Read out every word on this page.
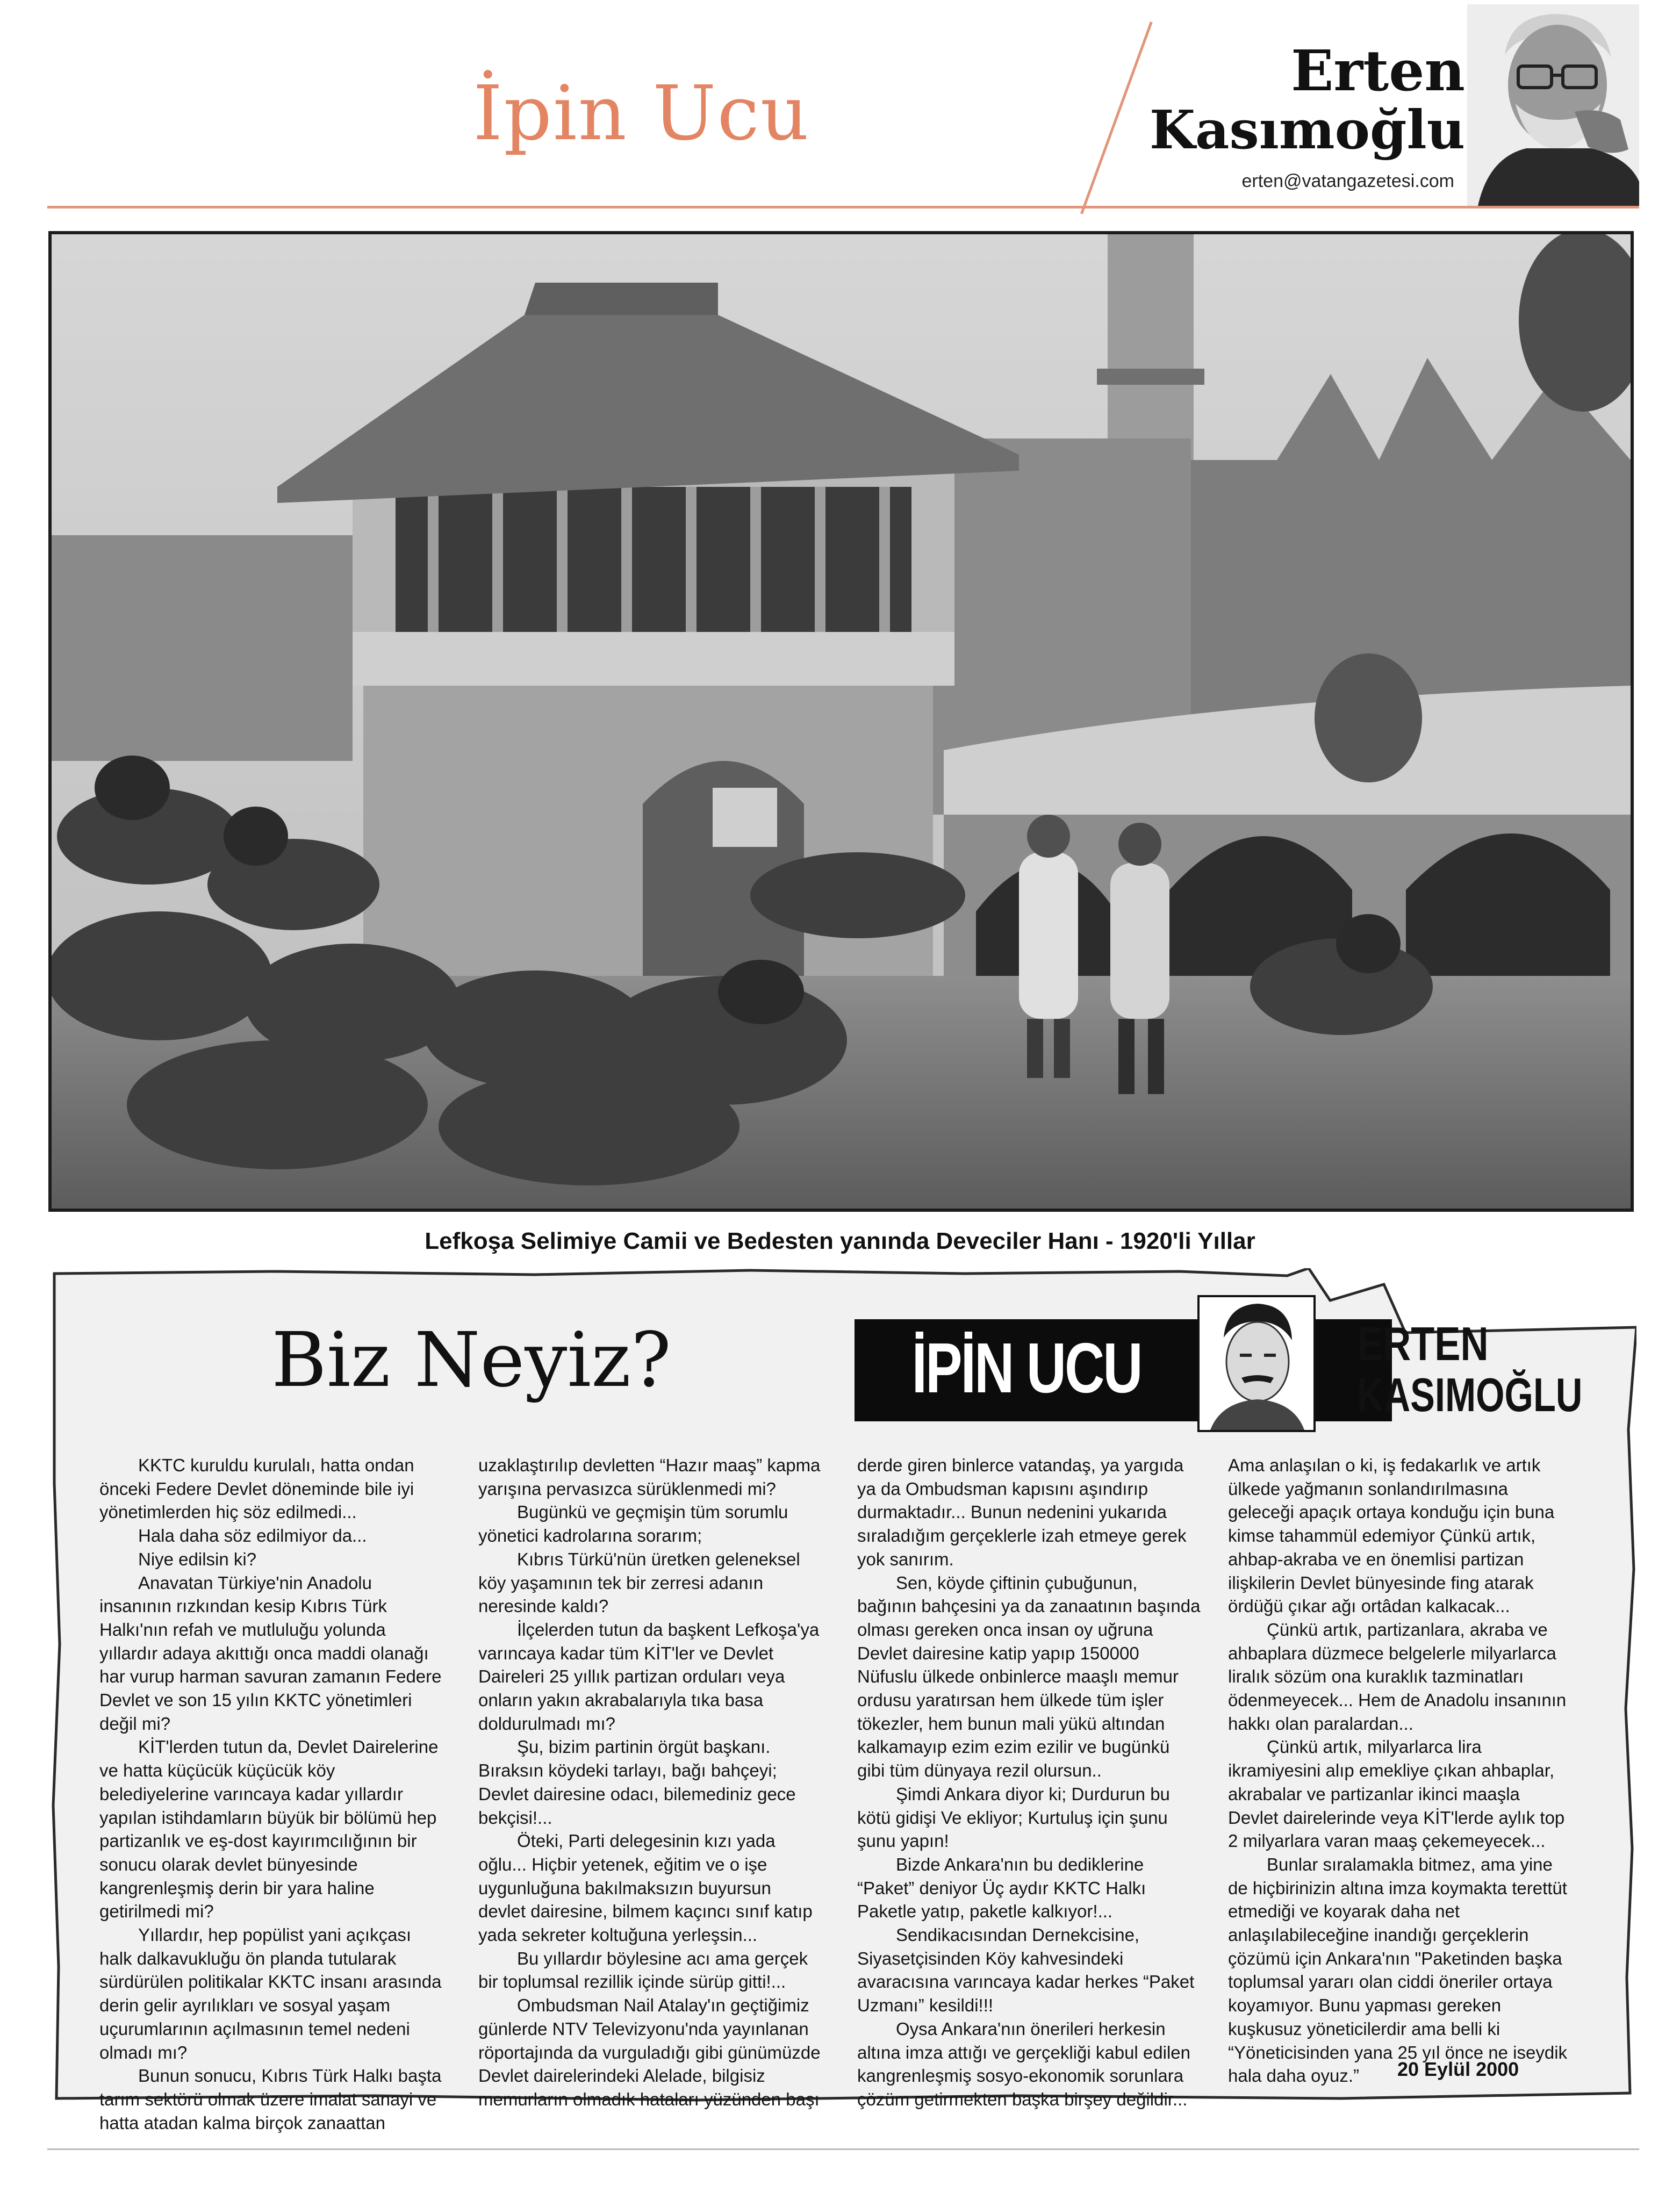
İpin Ucu	Erten
Kasımoğlu
erten@vatangazetesi.com
Lefkoşa Selimiye Camii ve Bedesten yanında Deveciler Hanı - 1920'li Yıllar
Biz Neyiz?	İPİN UCU	ERTEN
KASIMOĞLU

KKTC kuruldu kurulalı, hatta ondan önceki Federe Devlet döneminde bile iyi yönetimlerden hiç söz edilmedi...

Hala daha söz edilmiyor da...

Niye edilsin ki?

Anavatan Türkiye'nin Anadolu insanının rızkından kesip Kıbrıs Türk Halkı'nın refah ve mutluluğu yolunda yıllardır adaya akıttığı onca maddi olanağı har vurup harman savuran zamanın Federe Devlet ve son 15 yılın KKTC yönetimleri değil mi?

KİT'lerden tutun da, Devlet Dairelerine ve hatta küçücük küçücük köy belediyelerine varıncaya kadar yıllardır yapılan istihdamların büyük bir bölümü hep partizanlık ve eş-dost kayırımcılığının bir sonucu olarak devlet bünyesinde kangrenleşmiş derin bir yara haline getirilmedi mi?

Yıllardır, hep popülist yani açıkçası halk dalkavukluğu ön planda tutularak sürdürülen politikalar KKTC insanı arasında derin gelir ayrılıkları ve sosyal yaşam uçurumlarının açılmasının temel nedeni olmadı mı?

Bunun sonucu, Kıbrıs Türk Halkı başta tarım sektörü olmak üzere imalat sanayi ve hatta atadan kalma birçok zanaattan

uzaklaştırılıp devletten “Hazır maaş” kapma yarışına pervasızca sürüklenmedi mi?

Bugünkü ve geçmişin tüm sorumlu yönetici kadrolarına sorarım;

Kıbrıs Türkü'nün üretken geleneksel köy yaşamının tek bir zerresi adanın neresinde kaldı?

İlçelerden tutun da başkent Lefkoşa'ya varıncaya kadar tüm KİT'ler ve Devlet Daireleri 25 yıllık partizan orduları veya onların yakın akrabalarıyla tıka basa doldurulmadı mı?

Şu, bizim partinin örgüt başkanı. Bıraksın köydeki tarlayı, bağı bahçeyi; Devlet dairesine odacı, bilemediniz gece bekçisi!...

Öteki, Parti delegesinin kızı yada oğlu... Hiçbir yetenek, eğitim ve o işe uygunluğuna bakılmaksızın buyursun devlet dairesine, bilmem kaçıncı sınıf katıp yada sekreter koltuğuna yerleşsin...

Bu yıllardır böylesine acı ama gerçek bir toplumsal rezillik içinde sürüp gitti!...

Ombudsman Nail Atalay'ın geçtiğimiz günlerde NTV Televizyonu'nda yayınlanan röportajında da vurguladığı gibi günümüzde Devlet dairelerindeki Alelade, bilgisiz memurların olmadık hataları yüzünden başı

derde giren binlerce vatandaş, ya yargıda ya da Ombudsman kapısını aşındırıp durmaktadır... Bunun nedenini yukarıda sıraladığım gerçeklerle izah etmeye gerek yok sanırım.

Sen, köyde çiftinin çubuğunun, bağının bahçesini ya da zanaatının başında olması gereken onca insan oy uğruna Devlet dairesine katip yapıp 150000 Nüfuslu ülkede onbinlerce maaşlı memur ordusu yaratırsan hem ülkede tüm işler tökezler, hem bunun mali yükü altından kalkamayıp ezim ezim ezilir ve bugünkü gibi tüm dünyaya rezil olursun..

Şimdi Ankara diyor ki; Durdurun bu kötü gidişi Ve ekliyor; Kurtuluş için şunu şunu yapın!

Bizde Ankara'nın bu dediklerine “Paket” deniyor Üç aydır KKTC Halkı Paketle yatıp, paketle kalkıyor!...

Sendikacısından Dernekcisine, Siyasetçisinden Köy kahvesindeki avaracısına varıncaya kadar herkes “Paket Uzmanı” kesildi!!!

Oysa Ankara'nın önerileri herkesin altına imza attığı ve gerçekliği kabul edilen kangrenleşmiş sosyo-ekonomik sorunlara çözüm getirmekten başka birşey değildir...

Ama anlaşılan o ki, iş fedakarlık ve artık ülkede yağmanın sonlandırılmasına geleceği apaçık ortaya konduğu için buna kimse tahammül edemiyor Çünkü artık, ahbap-akraba ve en önemlisi partizan ilişkilerin Devlet bünyesinde fing atarak ördüğü çıkar ağı ortâdan kalkacak...

Çünkü artık, partizanlara, akraba ve ahbaplara düzmece belgelerle milyarlarca liralık sözüm ona kuraklık tazminatları ödenmeyecek... Hem de Anadolu insanının hakkı olan paralardan...

Çünkü artık, milyarlarca lira ikramiyesini alıp emekliye çıkan ahbaplar, akrabalar ve partizanlar ikinci maaşla Devlet dairelerinde veya KİT'lerde aylık top 2 milyarlara varan maaş çekemeyecek...

Bunlar sıralamakla bitmez, ama yine de hiçbirinizin altına imza koymakta terettüt etmediği ve koyarak daha net anlaşılabileceğine inandığı gerçeklerin çözümü için Ankara'nın "Paketinden başka toplumsal yararı olan ciddi öneriler ortaya koyamıyor. Bunu yapması gereken kuşkusuz yöneticilerdir ama belli ki “Yöneticisinden yana 25 yıl önce ne iseydik hala daha oyuz.”	20 Eylül 2000
